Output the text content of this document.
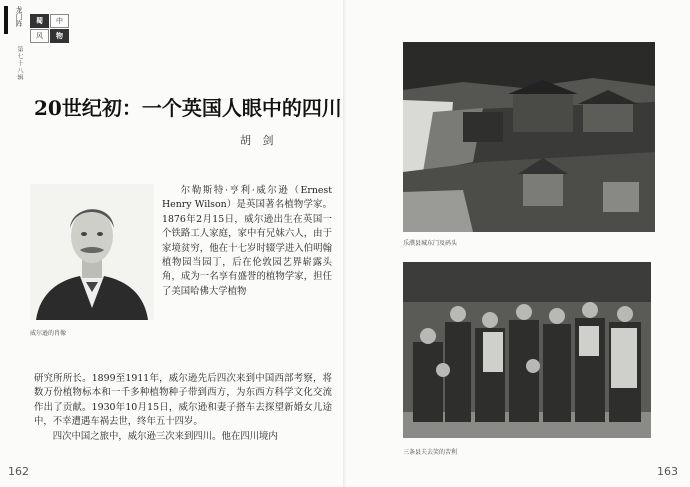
龙门阵
第七十八辑
蜀	中
风	物
20世纪初：一个英国人眼中的四川
胡 剑
威尔逊的肖像

尔勒斯特·亨利·威尔逊（Ernest Henry Wilson）是英国著名植物学家。1876年2月15日，威尔逊出生在英国一个铁路工人家庭，家中有兄妹六人，由于家境贫穷，他在十七岁时辍学进入伯明翰植物园当园丁，后在伦敦园艺界崭露头角，成为一名享有盛誉的植物学家，担任了美国哈佛大学植物

研究所所长。1899至1911年，威尔逊先后四次来到中国西部考察，将数万份植物标本和一千多种植物种子带到西方，为东西方科学文化交流作出了贡献。1930年10月15日，威尔逊和妻子搭车去探望新婚女儿途中，不幸遭遇车祸去世，终年五十四岁。

四次中国之旅中，威尔逊三次来到四川。他在四川境内

162
乐濮县城东门及码头
三条县夫去笑的苦利
163
